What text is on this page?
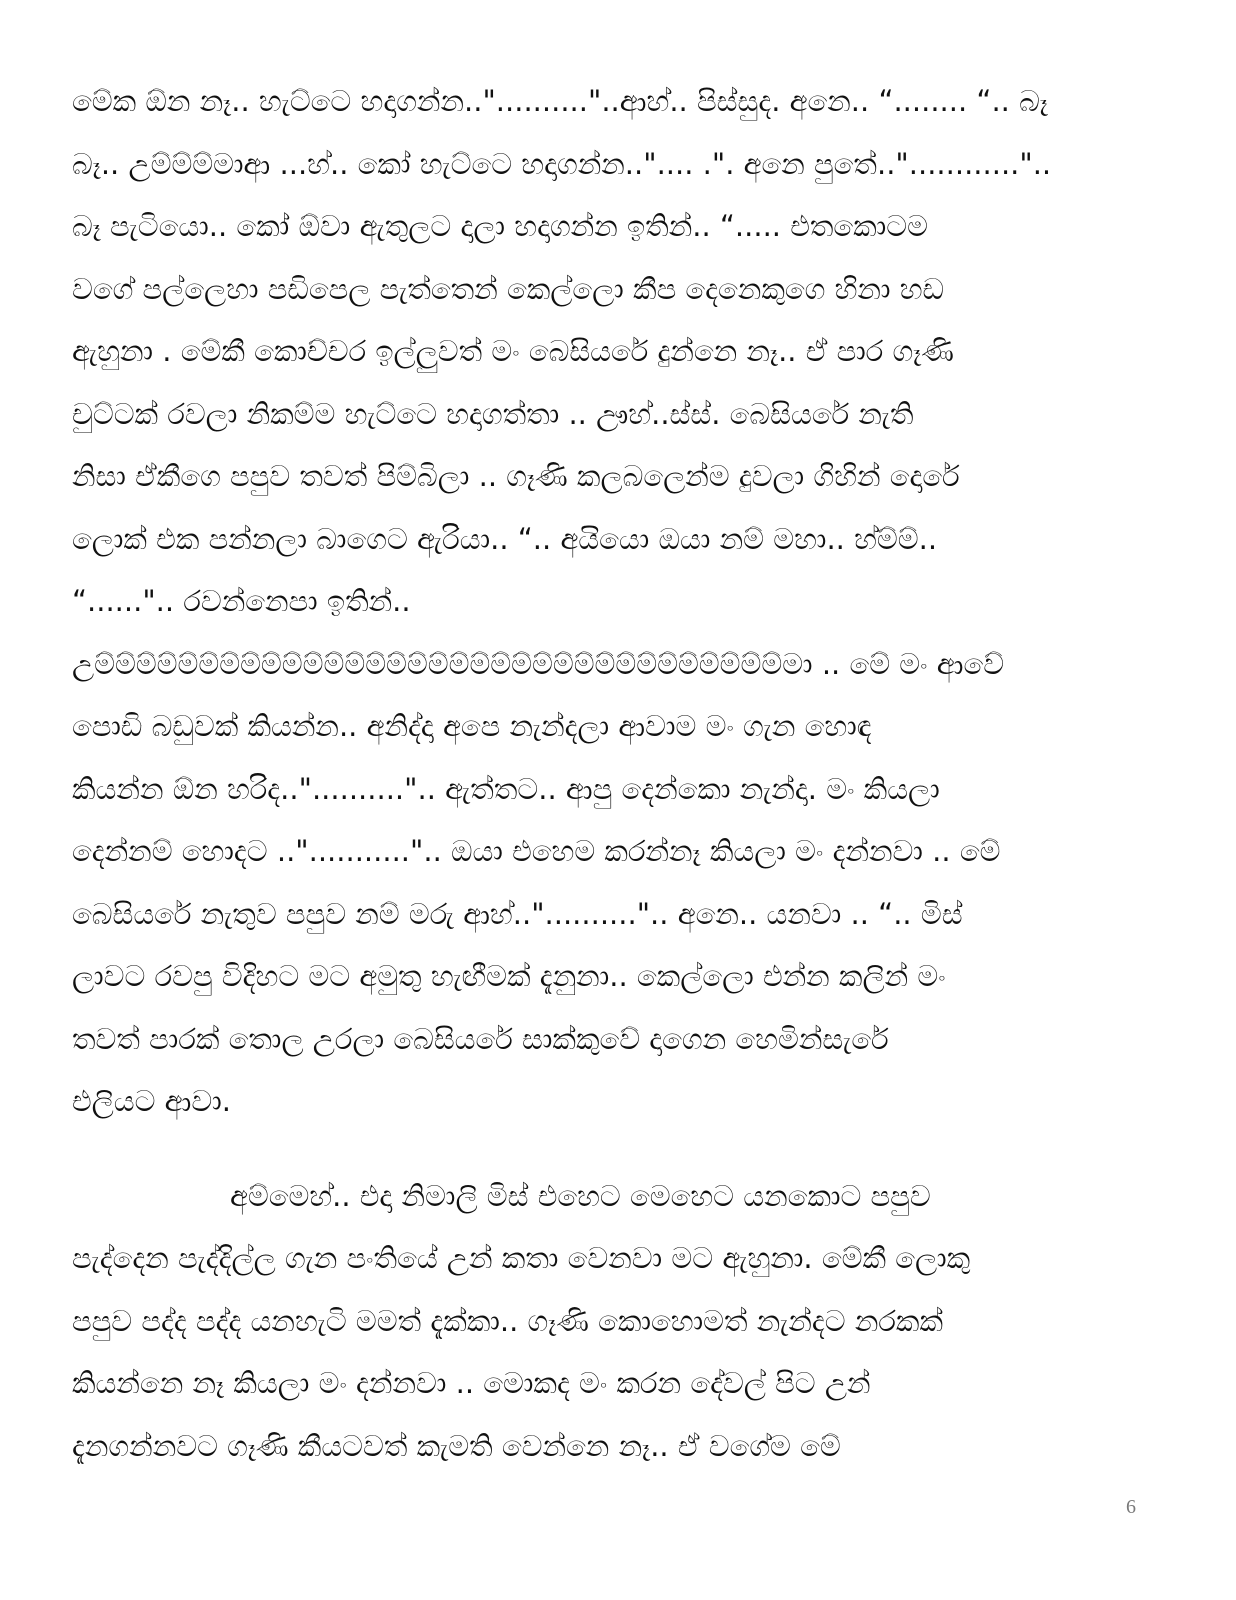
මේක ඕන නෑ.. හැට්ටෙ හදාගන්න..".........."..ආහ්.. පිස්සුද. අනෙ.. “........ “.. බෑ
බෑ.. උම්ම්ම්මාආ ...හ්.. කෝ හැට්ටෙ හදාගන්න..".... .". අනෙ පුතේ.."............"..
බෑ පැටියො.. කෝ ඕවා ඇතුලට දාලා හදාගන්න ඉතින්.. “..... එතකොටම
වගේ පල්ලෙහා පඩිපෙල පැත්තෙන් කෙල්ලො කීප දෙනෙකුගෙ හිනා හඩ
ඇහුනා . මේකී කොච්චර ඉල්ලුවත් මං බෙසියරේ දුන්නෙ නෑ.. ඒ පාර ගෑණි
චුට්ටක් රවලා නිකම්ම හැට්ටෙ හදාගත්තා .. ඌහ්..ස්ස්. බෙසියරේ නැති
නිසා ඒකීගෙ පපුව තවත් පිම්බිලා .. ගෑණි කලබලෙන්ම දුවලා ගිහින් දොරේ
ලොක් එක පන්නලා බාගෙට ඇරියා.. “.. අයියො ඔයා නම් මහා.. හ්ම්ම්..
“......".. රවන්නෙපා ඉතින්..
උම්ම්ම්ම්ම්ම්ම්ම්ම්ම්ම්ම්ම්ම්ම්ම්ම්ම්ම්ම්ම්ම්ම්ම්ම්ම්ම්ම්ම්ම්ම්ම්ම්මා .. මේ මං ආවේ
පොඩි බඩුවක් කියන්න.. අනිද්දා අපෙ නැන්දලා ආවාම මං ගැන හොඳ
කියන්න ඕන හරිද.."..........".. ඇත්තට.. ආපු දෙන්කො නැන්දා. මං කියලා
දෙන්නම් හොදට .."...........".. ඔයා එහෙම කරන්නෑ කියලා මං දන්නවා .. මේ
බෙසියරේ නැතුව පපුව නම් මරු ආහ්.."..........".. අනෙ.. යනවා .. “.. මිස්
ලාවට රවපු විදිහට මට අමුතු හැඟීමක් දැනුනා.. කෙල්ලො එන්න කලින් මං
තවත් පාරක් තොල උරලා බෙසියරේ සාක්කුවේ දාගෙන හෙමින්සැරේ
එලියට ආවා.
අම්මෙහ්.. එදා නිමාලි මිස් එහෙට මෙහෙට යනකොට පපුව
පැද්දෙන පැද්දිල්ල ගැන පංතියේ උන් කතා වෙනවා මට ඇහුනා. මේකී ලොකු
පපුව පද්ද පද්ද යනහැටි මමත් දැක්කා.. ගෑණි කොහොමත් නැන්දට නරකක්
කියන්නෙ නෑ කියලා මං දන්නවා .. මොකද මං කරන දේවල් පිට උන්
දැනගන්නවට ගෑණි කීයටවත් කැමති වෙන්නෙ නෑ.. ඒ වගේම මේ
6
